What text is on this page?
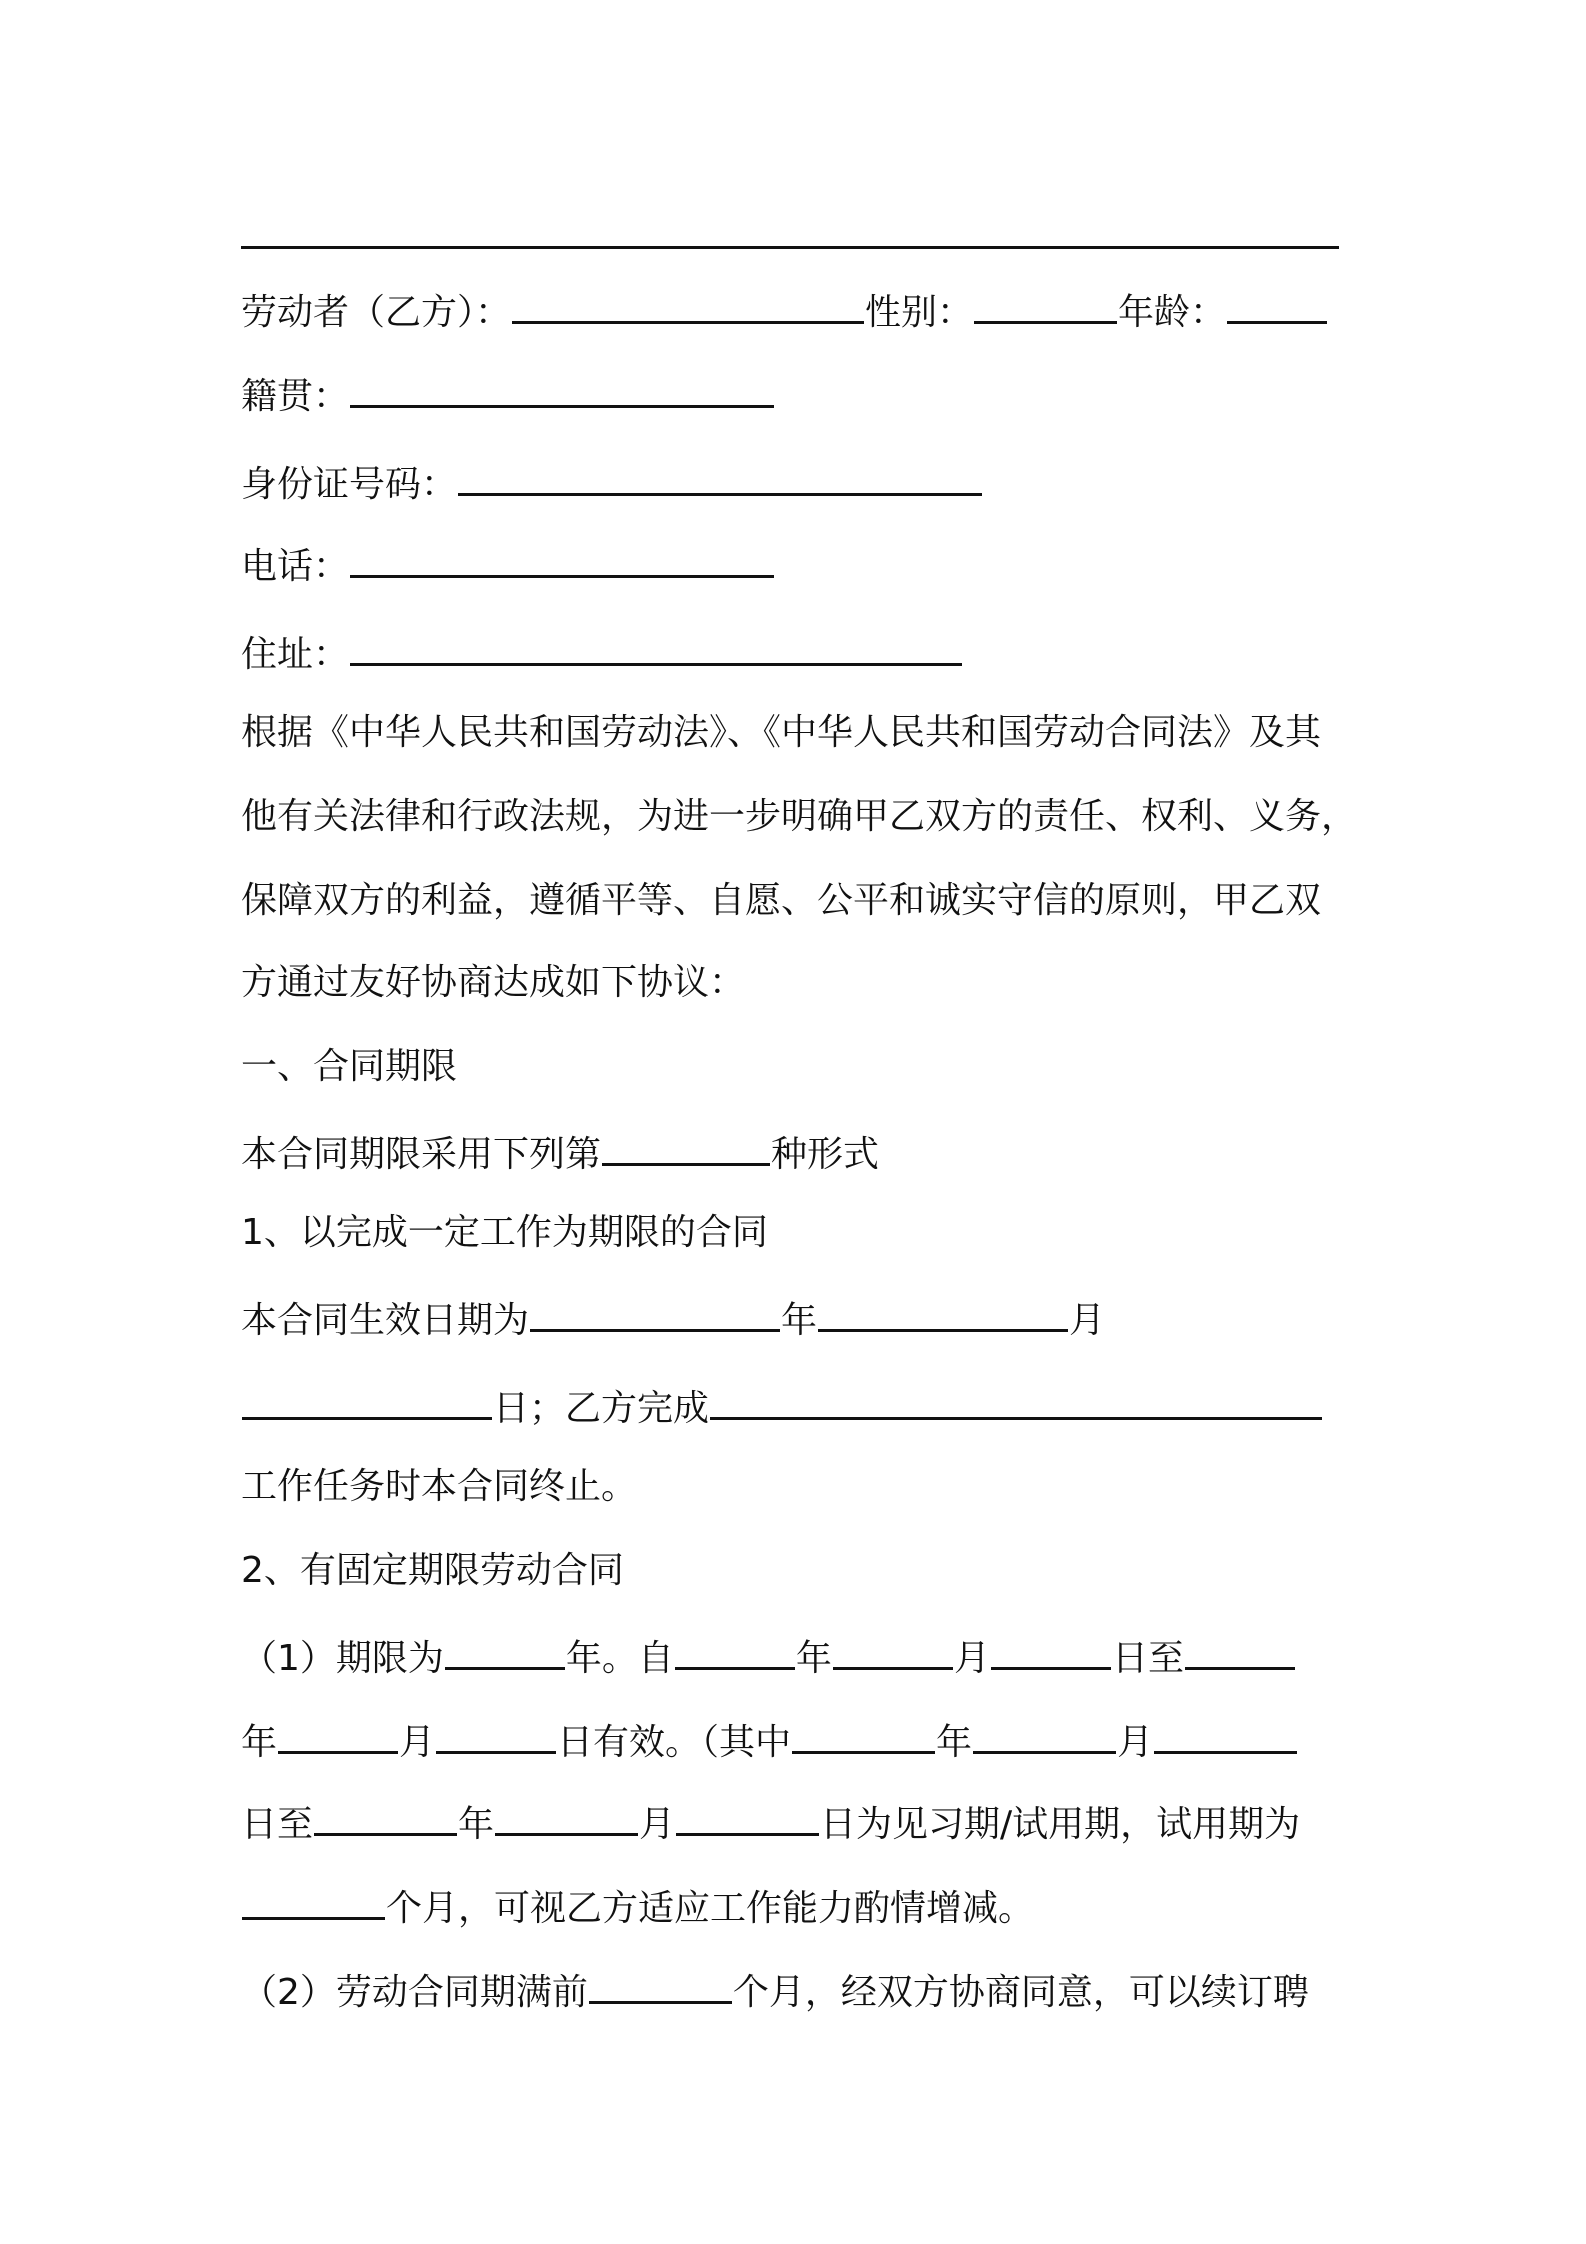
劳动者（乙方）：	性别：	年龄：
籍贯：
身份证号码：
电话：
住址：
根据《中华人民共和国劳动法》、《中华人民共和国劳动合同法》及其
他有关法律和行政法规，为进一步明确甲乙双方的责任、权利、义务，
保障双方的利益，遵循平等、自愿、公平和诚实守信的原则，甲乙双
方通过友好协商达成如下协议：
一、合同期限
本合同期限采用下列第	种形式
1、以完成一定工作为期限的合同
本合同生效日期为	年	月
日；乙方完成
工作任务时本合同终止。
2、有固定期限劳动合同
（1）期限为	年。自	年	月	日至
年	月	日有效。（其中	年	月
日至	年	月	日为见习期/试用期，试用期为
个月，可视乙方适应工作能力酌情增减。
（2）劳动合同期满前	个月，经双方协商同意，可以续订聘
